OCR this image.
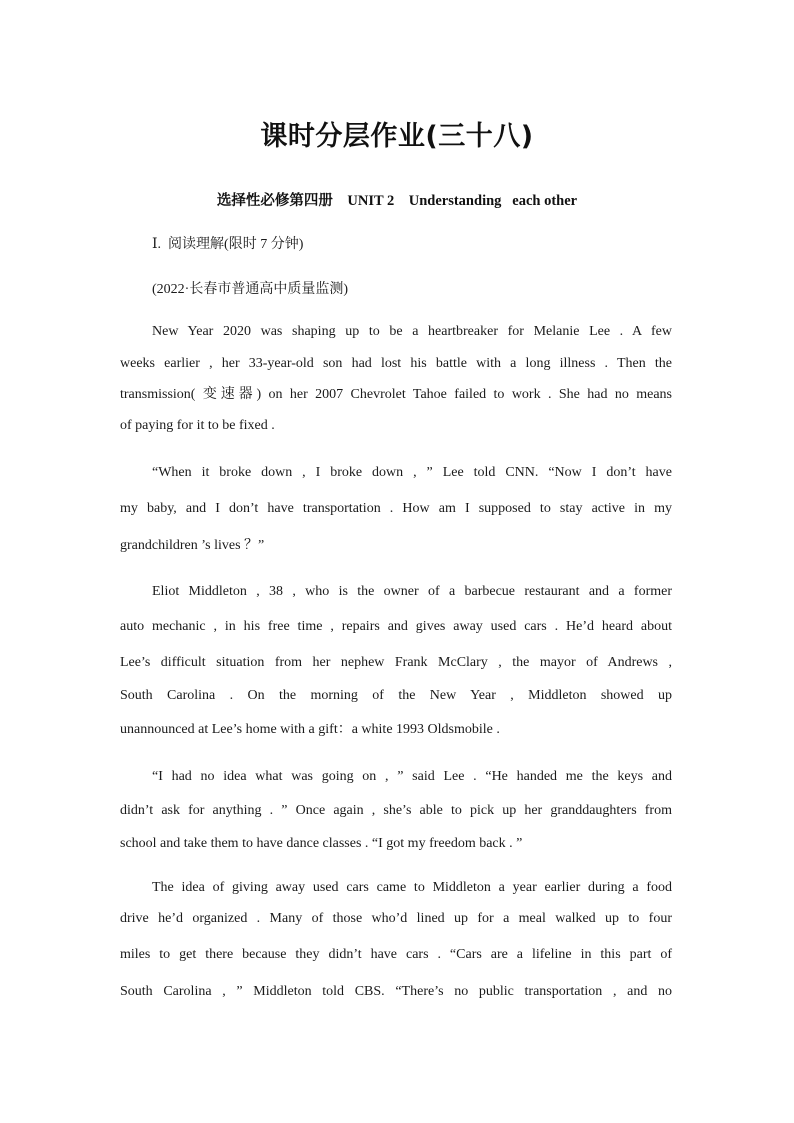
课时分层作业(三十八)
选择性必修第四册    UNIT 2    Understanding   each other
Ⅰ.  阅读理解(限时 7 分钟)
(2022·长春市普通高中质量监测)
New Year 2020 was shaping up to be a heartbreaker for Melanie Lee . A few
weeks earlier , her 33-year-old son had lost his battle with a long illness . Then the
transmission( 变速器) on her 2007 Chevrolet Tahoe failed to work . She had no means
of paying for it to be fixed .
“When it broke down , I broke down , ” Lee told CNN. “Now I don’t have
my baby, and I don’t have transportation . How am I supposed to stay active in my
grandchildren ’s lives ？”
Eliot Middleton , 38 , who is the owner of a barbecue restaurant and a former
auto mechanic , in his free time , repairs and gives away used cars . He’d heard about
Lee’s difficult situation from her nephew Frank McClary , the mayor of Andrews ,
South Carolina . On the morning of the New Year , Middleton showed up
unannounced at Lee’s home with a gift：a white 1993 Oldsmobile .
“I had no idea what was going on , ” said Lee . “He handed me the keys and
didn’t ask for anything . ” Once again , she’s able to pick up her granddaughters from
school and take them to have dance classes . “I got my freedom back . ”
The idea of giving away used cars came to Middleton a year earlier during a food
drive he’d organized . Many of those who’d lined up for a meal walked up to four
miles to get there because they didn’t have cars . “Cars are a lifeline in this part of
South Carolina , ” Middleton told CBS. “There’s no public transportation , and no
